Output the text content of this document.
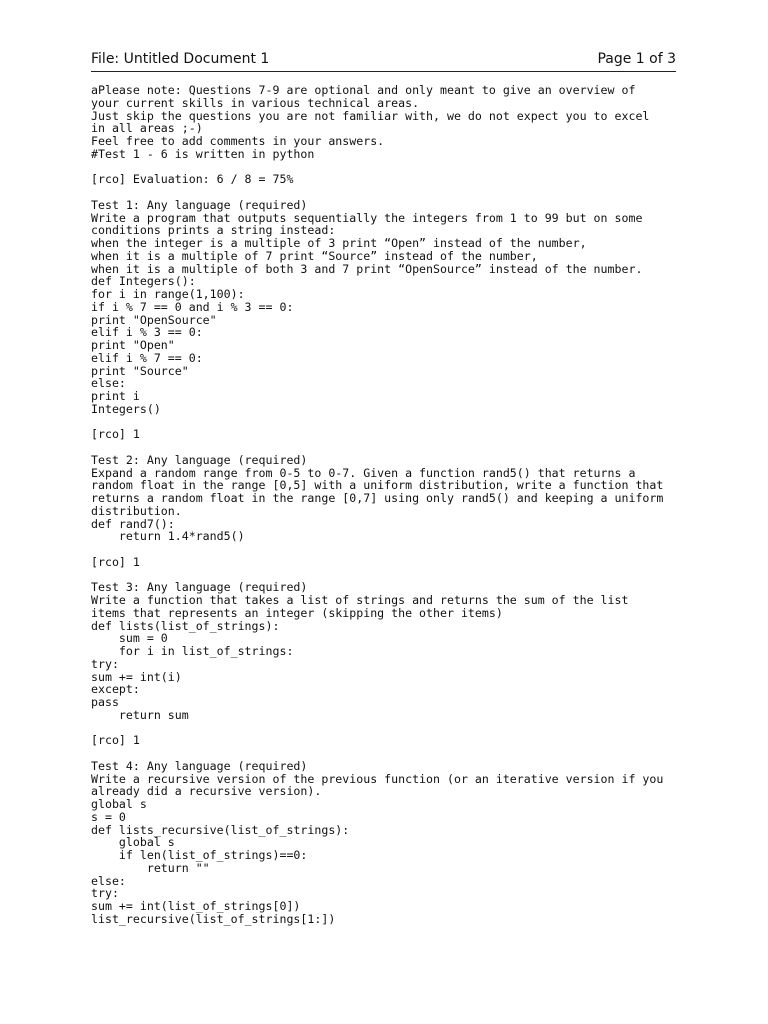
File: Untitled Document 1	Page 1 of 3
aPlease note: Questions 7-9 are optional and only meant to give an overview of
your current skills in various technical areas.
Just skip the questions you are not familiar with, we do not expect you to excel
in all areas ;-)
Feel free to add comments in your answers.
#Test 1 - 6 is written in python
[rco] Evaluation: 6 / 8 = 75%
Test 1: Any language (required)
Write a program that outputs sequentially the integers from 1 to 99 but on some
conditions prints a string instead:
when the integer is a multiple of 3 print “Open” instead of the number,
when it is a multiple of 7 print “Source” instead of the number,
when it is a multiple of both 3 and 7 print “OpenSource” instead of the number.
def Integers():
for i in range(1,100):
if i % 7 == 0 and i % 3 == 0:
print "OpenSource"
elif i % 3 == 0:
print "Open"
elif i % 7 == 0:
print "Source"
else:
print i
Integers()
[rco] 1
Test 2: Any language (required)
Expand a random range from 0-5 to 0-7. Given a function rand5() that returns a
random float in the range [0,5] with a uniform distribution, write a function that
returns a random float in the range [0,7] using only rand5() and keeping a uniform
distribution.
def rand7():
return 1.4*rand5()
[rco] 1
Test 3: Any language (required)
Write a function that takes a list of strings and returns the sum of the list
items that represents an integer (skipping the other items)
def lists(list_of_strings):
sum = 0
for i in list_of_strings:
try:
sum += int(i)
except:
pass
return sum
[rco] 1
Test 4: Any language (required)
Write a recursive version of the previous function (or an iterative version if you
already did a recursive version).
global s
s = 0
def lists_recursive(list_of_strings):
global s
if len(list_of_strings)==0:
return ""
else:
try:
sum += int(list_of_strings[0])
list_recursive(list_of_strings[1:])
